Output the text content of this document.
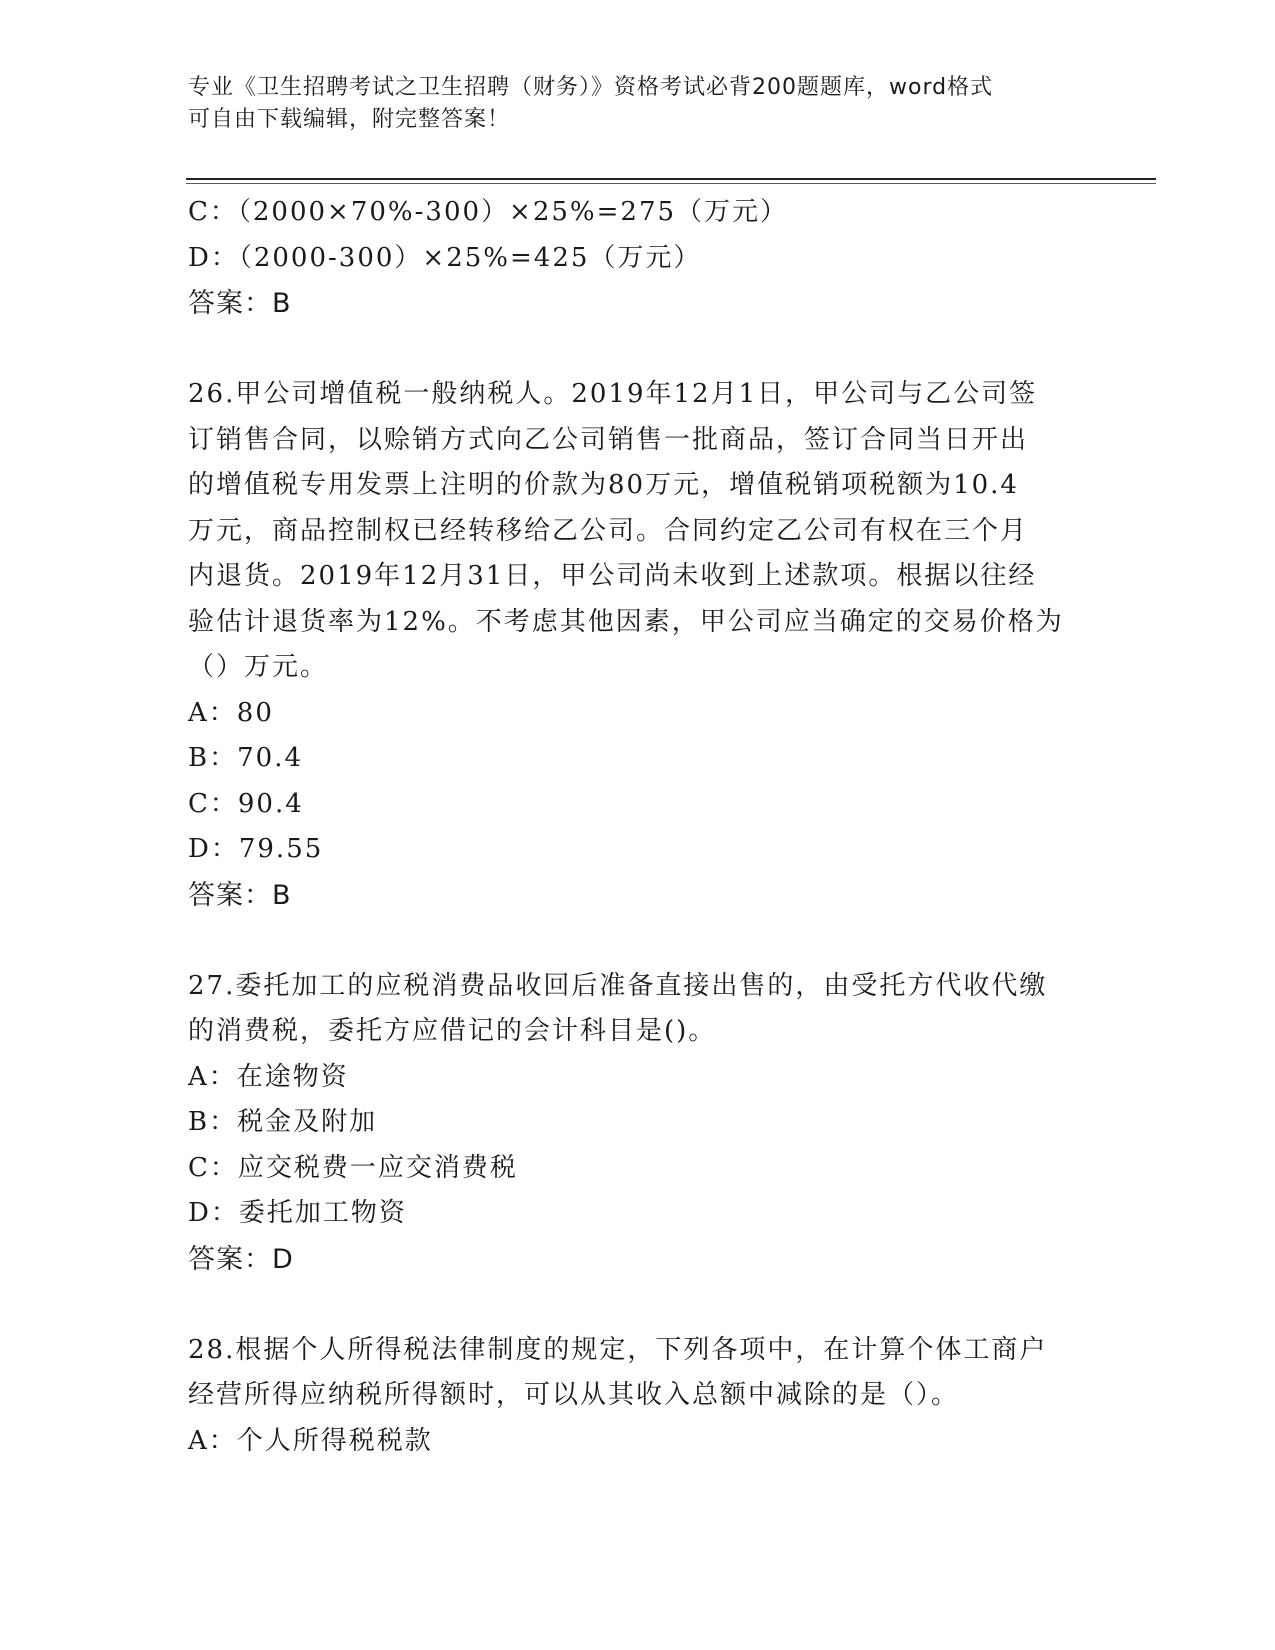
专业《卫生招聘考试之卫生招聘（财务）》资格考试必背200题题库，word格式
可自由下载编辑，附完整答案！
C：（2000×70%-300）×25%=275（万元）
D：（2000-300）×25%=425（万元）
答案：B
26.甲公司增值税一般纳税人。2019年12月1日，甲公司与乙公司签
订销售合同，以赊销方式向乙公司销售一批商品，签订合同当日开出
的增值税专用发票上注明的价款为80万元，增值税销项税额为10.4
万元，商品控制权已经转移给乙公司。合同约定乙公司有权在三个月
内退货。2019年12月31日，甲公司尚未收到上述款项。根据以往经
验估计退货率为12%。不考虑其他因素，甲公司应当确定的交易价格为
（）万元。
A：80
B：70.4
C：90.4
D：79.55
答案：B
27.委托加工的应税消费品收回后准备直接出售的，由受托方代收代缴
的消费税，委托方应借记的会计科目是()。
A：在途物资
B：税金及附加
C：应交税费一应交消费税
D：委托加工物资
答案：D
28.根据个人所得税法律制度的规定，下列各项中，在计算个体工商户
经营所得应纳税所得额时，可以从其收入总额中减除的是（）。
A：个人所得税税款
